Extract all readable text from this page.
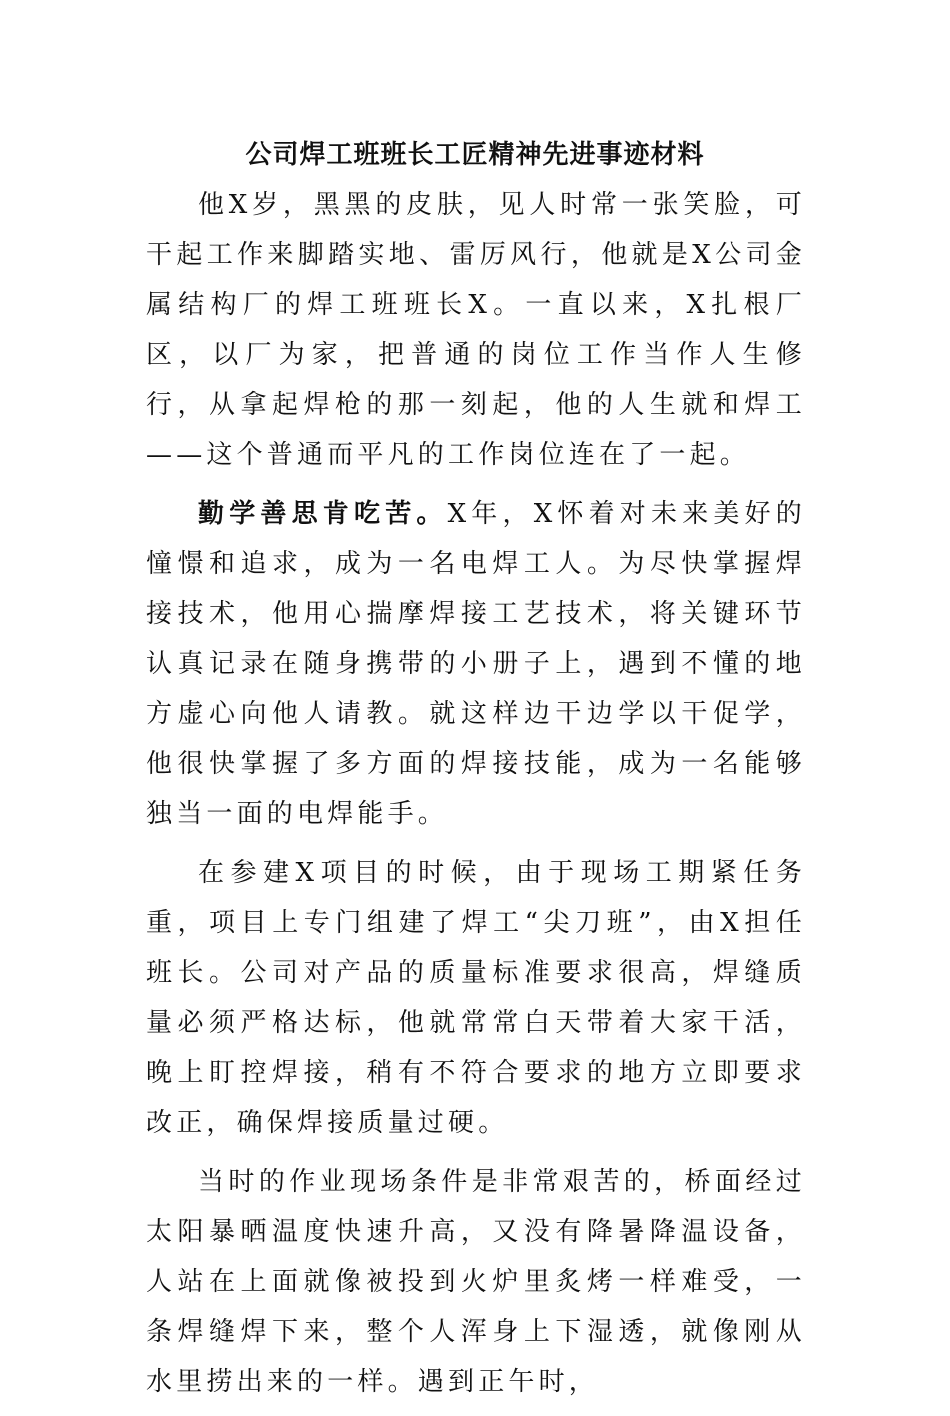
公司焊工班班长工匠精神先进事迹材料

他X岁，黑黑的皮肤，见人时常一张笑脸，可干起工作来脚踏实地、雷厉风行，他就是X公司金属结构厂的焊工班班长X。一直以来，X扎根厂区，以厂为家，把普通的岗位工作当作人生修行，从拿起焊枪的那一刻起，他的人生就和焊工——这个普通而平凡的工作岗位连在了一起。

勤学善思肯吃苦。X年，X怀着对未来美好的憧憬和追求，成为一名电焊工人。为尽快掌握焊接技术，他用心揣摩焊接工艺技术，将关键环节认真记录在随身携带的小册子上，遇到不懂的地方虚心向他人请教。就这样边干边学以干促学，他很快掌握了多方面的焊接技能，成为一名能够独当一面的电焊能手。

在参建X项目的时候，由于现场工期紧任务重，项目上专门组建了焊工“尖刀班”，由X担任班长。公司对产品的质量标准要求很高，焊缝质量必须严格达标，他就常常白天带着大家干活，晚上盯控焊接，稍有不符合要求的地方立即要求改正，确保焊接质量过硬。

当时的作业现场条件是非常艰苦的，桥面经过太阳暴晒温度快速升高，又没有降暑降温设备，人站在上面就像被投到火炉里炙烤一样难受，一条焊缝焊下来，整个人浑身上下湿透，就像刚从水里捞出来的一样。遇到正午时，
